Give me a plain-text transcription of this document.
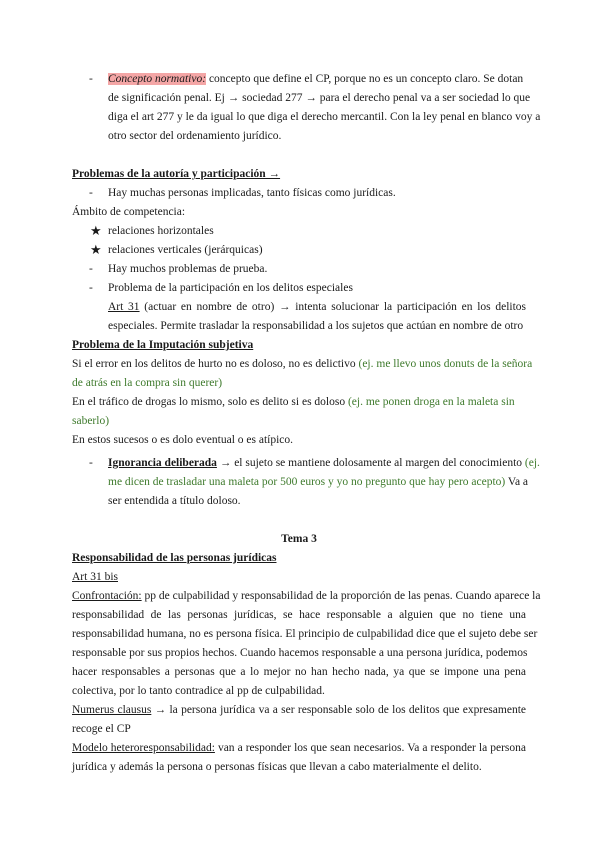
- Concepto normativo: concepto que define el CP, porque no es un concepto claro. Se dotan
de significación penal. Ej → sociedad 277 → para el derecho penal va a ser sociedad lo que
diga el art 277 y le da igual lo que diga el derecho mercantil. Con la ley penal en blanco voy a
otro sector del ordenamiento jurídico.
Problemas de la autoría y participación →
- Hay muchas personas implicadas, tanto físicas como jurídicas.
Ámbito de competencia:
★ relaciones horizontales
★ relaciones verticales (jerárquicas)
- Hay muchos problemas de prueba.
- Problema de la participación en los delitos especiales
Art 31 (actuar en nombre de otro) → intenta solucionar la participación en los delitos
especiales. Permite trasladar la responsabilidad a los sujetos que actúan en nombre de otro
Problema de la Imputación subjetiva
Si el error en los delitos de hurto no es doloso, no es delictivo (ej. me llevo unos donuts de la señora
de atrás en la compra sin querer)
En el tráfico de drogas lo mismo, solo es delito si es doloso (ej. me ponen droga en la maleta sin
saberlo)
En estos sucesos o es dolo eventual o es atípico.
- Ignorancia deliberada → el sujeto se mantiene dolosamente al margen del conocimiento (ej.
me dicen de trasladar una maleta por 500 euros y yo no pregunto que hay pero acepto) Va a
ser entendida a título doloso.
Tema 3
Responsabilidad de las personas jurídicas
Art 31 bis
Confrontación: pp de culpabilidad y responsabilidad de la proporción de las penas. Cuando aparece la
responsabilidad de las personas jurídicas, se hace responsable a alguien que no tiene una
responsabilidad humana, no es persona física. El principio de culpabilidad dice que el sujeto debe ser
responsable por sus propios hechos. Cuando hacemos responsable a una persona jurídica, podemos
hacer responsables a personas que a lo mejor no han hecho nada, ya que se impone una pena
colectiva, por lo tanto contradice al pp de culpabilidad.
Numerus clausus → la persona jurídica va a ser responsable solo de los delitos que expresamente
recoge el CP
Modelo heteroresponsabilidad: van a responder los que sean necesarios. Va a responder la persona
jurídica y además la persona o personas físicas que llevan a cabo materialmente el delito.
